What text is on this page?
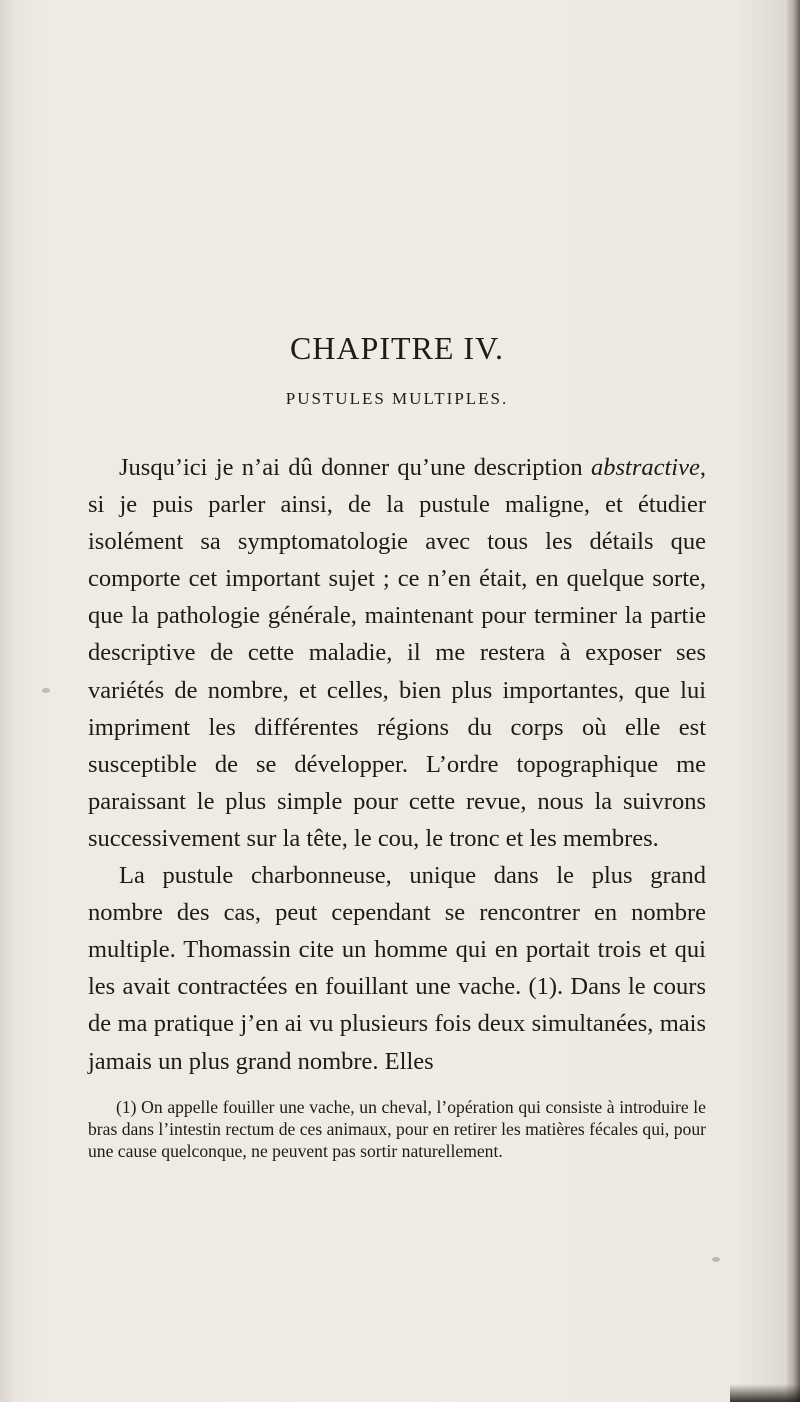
CHAPITRE IV.
PUSTULES MULTIPLES.

Jusqu’ici je n’ai dû donner qu’une description abstractive, si je puis parler ainsi, de la pustule maligne, et étudier isolément sa symptomatologie avec tous les détails que comporte cet important sujet ; ce n’en était, en quelque sorte, que la pathologie générale, maintenant pour terminer la partie descriptive de cette maladie, il me restera à exposer ses variétés de nombre, et celles, bien plus importantes, que lui impriment les différentes régions du corps où elle est susceptible de se développer. L’ordre topographique me paraissant le plus simple pour cette revue, nous la suivrons successivement sur la tête, le cou, le tronc et les membres.

La pustule charbonneuse, unique dans le plus grand nombre des cas, peut cependant se rencontrer en nombre multiple. Thomassin cite un homme qui en portait trois et qui les avait contractées en fouillant une vache. (1). Dans le cours de ma pratique j’en ai vu plusieurs fois deux simultanées, mais jamais un plus grand nombre. Elles

(1) On appelle fouiller une vache, un cheval, l’opération qui consiste à introduire le bras dans l’intestin rectum de ces animaux, pour en retirer les matières fécales qui, pour une cause quelconque, ne peuvent pas sortir naturellement.
